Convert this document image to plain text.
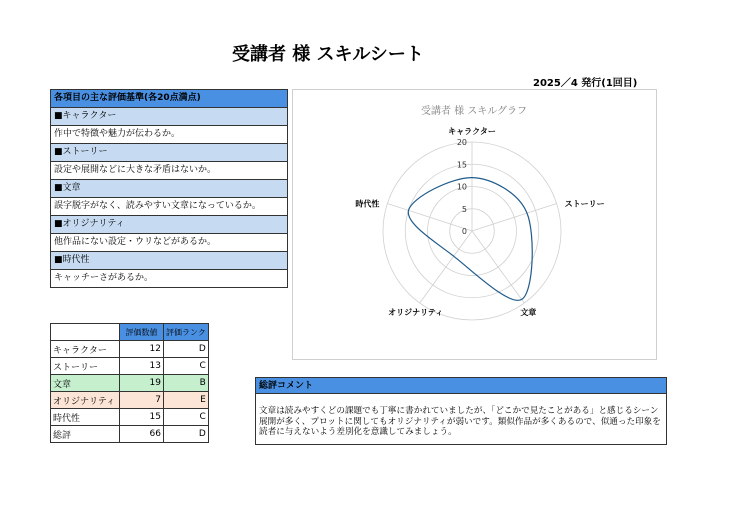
受講者 様 スキルシート
2025／4 発行(1回目)
各項目の主な評価基準(各20点満点)
■キャラクター
作中で特徴や魅力が伝わるか。
■ストーリー
設定や展開などに大きな矛盾はないか。
■文章
誤字脱字がなく、読みやすい文章になっているか。
■オリジナリティ
他作品にない設定・ウリなどがあるか。
■時代性
キャッチーさがあるか。
受講者 様 スキルグラフ
0
5
10
15
20
キャラクター
ストーリー
文章
オリジナリティ
時代性
	評価数値	評価ランク
キャラクター	12	D
ストーリー	13	C
文章	19	B
オリジナリティ	7	E
時代性	15	C
総評	66	D
総評コメント
文章は読みやすくどの課題でも丁寧に書かれていましたが、「どこかで見たことがある」と感じるシーン展開が多く、プロットに関してもオリジナリティが弱いです。類似作品が多くあるので、似通った印象を読者に与えないよう差別化を意識してみましょう。
